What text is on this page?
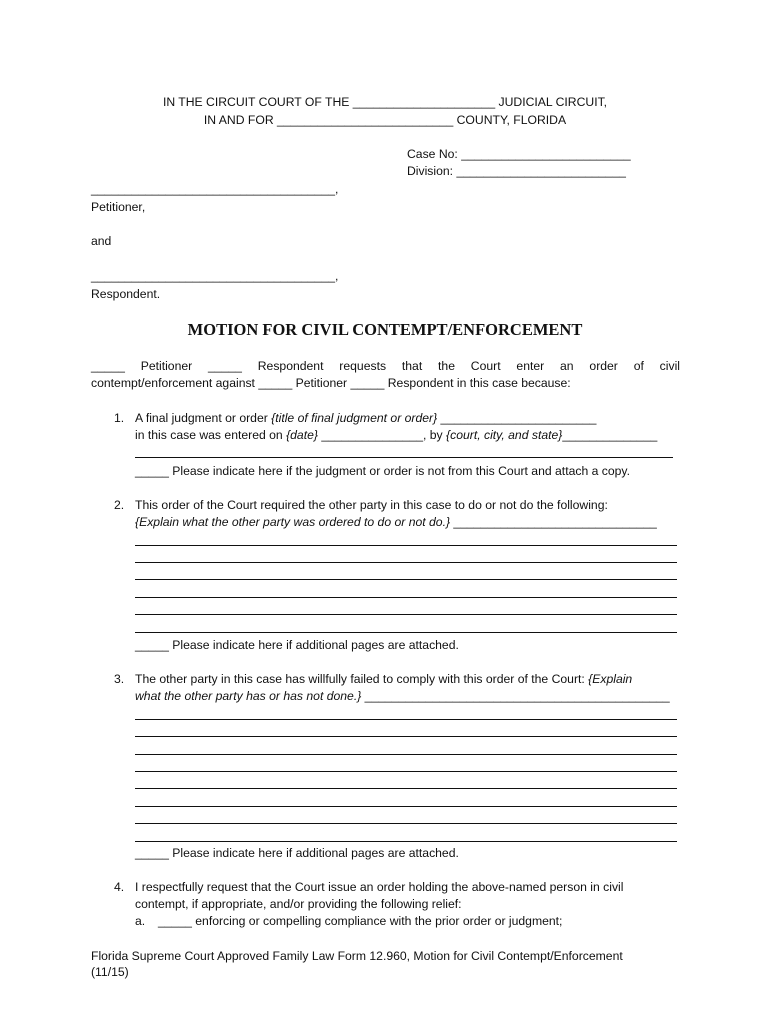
IN THE CIRCUIT COURT OF THE _____________________ JUDICIAL CIRCUIT,
IN AND FOR __________________________ COUNTY, FLORIDA
Case No: _________________________
Division: _________________________
____________________________________,
Petitioner,
and
____________________________________,
Respondent.
MOTION FOR CIVIL CONTEMPT/ENFORCEMENT
_____ Petitioner _____ Respondent requests that the Court enter an order of civil
contempt/enforcement against _____ Petitioner _____ Respondent in this case because:
1. A final judgment or order {title of final judgment or order} _______________________
in this case was entered on {date} _______________, by {court, city, and state}______________
_____ Please indicate here if the judgment or order is not from this Court and attach a copy.
2. This order of the Court required the other party in this case to do or not do the following:
{Explain what the other party was ordered to do or not do.} ______________________________
_____ Please indicate here if additional pages are attached.
3. The other party in this case has willfully failed to comply with this order of the Court: {Explain
what the other party has or has not done.} _____________________________________________
_____ Please indicate here if additional pages are attached.
4. I respectfully request that the Court issue an order holding the above-named person in civil
contempt, if appropriate, and/or providing the following relief:
a. _____ enforcing or compelling compliance with the prior order or judgment;
Florida Supreme Court Approved Family Law Form 12.960, Motion for Civil Contempt/Enforcement
(11/15)
